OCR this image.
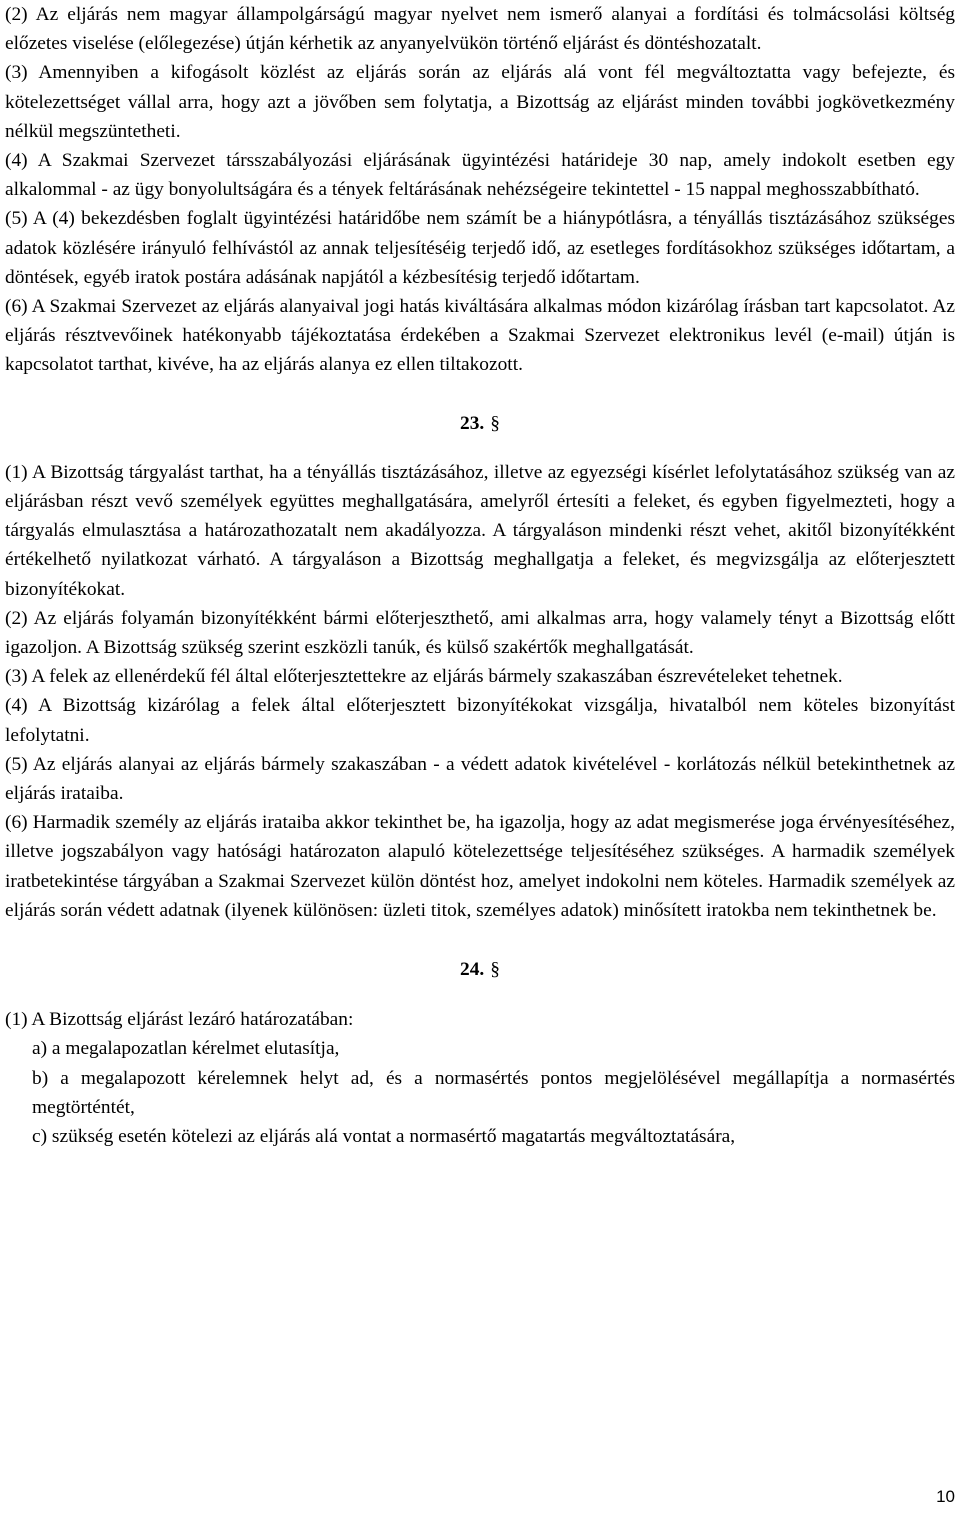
(2) Az eljárás nem magyar állampolgárságú magyar nyelvet nem ismerő alanyai a fordítási és tolmácsolási költség előzetes viselése (előlegezése) útján kérhetik az anyanyelvükön történő eljárást és döntéshozatalt.

(3) Amennyiben a kifogásolt közlést az eljárás során az eljárás alá vont fél megváltoztatta vagy befejezte, és kötelezettséget vállal arra, hogy azt a jövőben sem folytatja, a Bizottság az eljárást minden további jogkövetkezmény nélkül megszüntetheti.

(4) A Szakmai Szervezet társszabályozási eljárásának ügyintézési határideje 30 nap, amely indokolt esetben egy alkalommal - az ügy bonyolultságára és a tények feltárásának nehézségeire tekintettel - 15 nappal meghosszabbítható.

(5) A (4) bekezdésben foglalt ügyintézési határidőbe nem számít be a hiánypótlásra, a tényállás tisztázásához szükséges adatok közlésére irányuló felhívástól az annak teljesítéséig terjedő idő, az esetleges fordításokhoz szükséges időtartam, a döntések, egyéb iratok postára adásának napjától a kézbesítésig terjedő időtartam.

(6) A Szakmai Szervezet az eljárás alanyaival jogi hatás kiváltására alkalmas módon kizárólag írásban tart kapcsolatot. Az eljárás résztvevőinek hatékonyabb tájékoztatása érdekében a Szakmai Szervezet elektronikus levél (e-mail) útján is kapcsolatot tarthat, kivéve, ha az eljárás alanya ez ellen tiltakozott.

23. §

(1) A Bizottság tárgyalást tarthat, ha a tényállás tisztázásához, illetve az egyezségi kísérlet lefolytatásához szükség van az eljárásban részt vevő személyek együttes meghallgatására, amelyről értesíti a feleket, és egyben figyelmezteti, hogy a tárgyalás elmulasztása a határozathozatalt nem akadályozza. A tárgyaláson mindenki részt vehet, akitől bizonyítékként értékelhető nyilatkozat várható. A tárgyaláson a Bizottság meghallgatja a feleket, és megvizsgálja az előterjesztett bizonyítékokat.

(2) Az eljárás folyamán bizonyítékként bármi előterjeszthető, ami alkalmas arra, hogy valamely tényt a Bizottság előtt igazoljon. A Bizottság szükség szerint eszközli tanúk, és külső szakértők meghallgatását.

(3) A felek az ellenérdekű fél által előterjesztettekre az eljárás bármely szakaszában észrevételeket tehetnek.

(4) A Bizottság kizárólag a felek által előterjesztett bizonyítékokat vizsgálja, hivatalból nem köteles bizonyítást lefolytatni.

(5) Az eljárás alanyai az eljárás bármely szakaszában - a védett adatok kivételével - korlátozás nélkül betekinthetnek az eljárás irataiba.

(6) Harmadik személy az eljárás irataiba akkor tekinthet be, ha igazolja, hogy az adat megismerése joga érvényesítéséhez, illetve jogszabályon vagy hatósági határozaton alapuló kötelezettsége teljesítéséhez szükséges. A harmadik személyek iratbetekintése tárgyában a Szakmai Szervezet külön döntést hoz, amelyet indokolni nem köteles. Harmadik személyek az eljárás során védett adatnak (ilyenek különösen: üzleti titok, személyes adatok) minősített iratokba nem tekinthetnek be.

24. §

(1) A Bizottság eljárást lezáró határozatában:

a) a megalapozatlan kérelmet elutasítja,

b) a megalapozott kérelemnek helyt ad, és a normasértés pontos megjelölésével megállapítja a normasértés megtörténtét,

c) szükség esetén kötelezi az eljárás alá vontat a normasértő magatartás megváltoztatására,

10
